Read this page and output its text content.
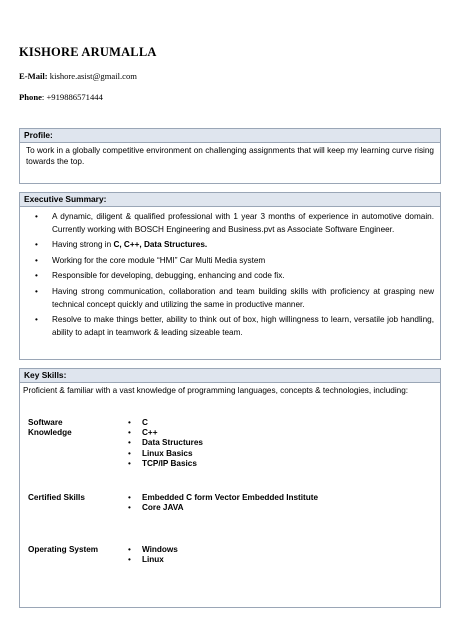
KISHORE ARUMALLA
E-Mail: kishore.asist@gmail.com
Phone: +919886571444
Profile:
To work in a globally competitive environment on challenging assignments that will keep my learning curve rising towards the top.
Executive Summary:
• A dynamic, diligent & qualified professional with 1 year 3 months of experience in automotive domain. Currently working with BOSCH Engineering and Business.pvt as Associate Software Engineer.
• Having strong in C, C++, Data Structures.
• Working for the core module “HMI” Car Multi Media system
• Responsible for developing, debugging, enhancing and code fix.
• Having strong communication, collaboration and team building skills with proficiency at grasping new technical concept quickly and utilizing the same in productive manner.
• Resolve to make things better, ability to think out of box, high willingness to learn, versatile job handling, ability to adapt in teamwork & leading sizeable team.
Key Skills:
Proficient & familiar with a vast knowledge of programming languages, concepts & technologies, including:
Software Knowledge
• C
• C++
• Data Structures
• Linux Basics
• TCP/IP Basics
Certified Skills	• Embedded C form Vector Embedded Institute
• Core JAVA
Operating System	• Windows
• Linux
